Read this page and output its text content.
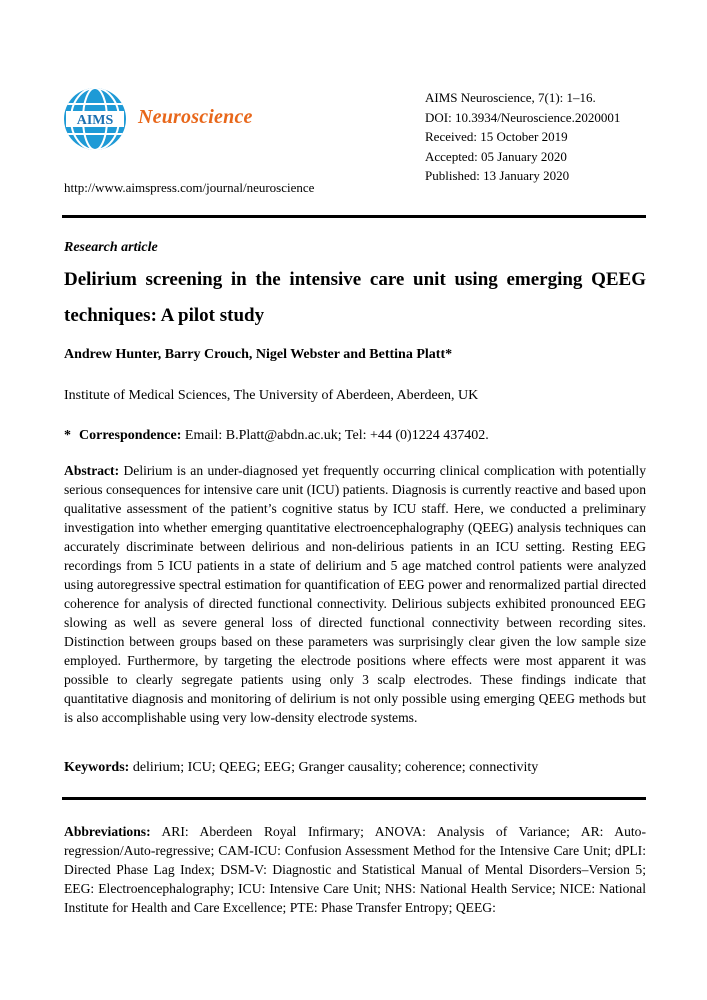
AIMS Neuroscience
AIMS Neuroscience, 7(1): 1–16.
DOI: 10.3934/Neuroscience.2020001
Received: 15 October 2019
Accepted: 05 January 2020
Published: 13 January 2020
http://www.aimspress.com/journal/neuroscience
Research article
Delirium screening in the intensive care unit using emerging QEEG techniques: A pilot study
Andrew Hunter, Barry Crouch, Nigel Webster and Bettina Platt*
Institute of Medical Sciences, The University of Aberdeen, Aberdeen, UK
* Correspondence: Email: B.Platt@abdn.ac.uk; Tel: +44 (0)1224 437402.
Abstract: Delirium is an under-diagnosed yet frequently occurring clinical complication with potentially serious consequences for intensive care unit (ICU) patients. Diagnosis is currently reactive and based upon qualitative assessment of the patient’s cognitive status by ICU staff. Here, we conducted a preliminary investigation into whether emerging quantitative electroencephalography (QEEG) analysis techniques can accurately discriminate between delirious and non-delirious patients in an ICU setting. Resting EEG recordings from 5 ICU patients in a state of delirium and 5 age matched control patients were analyzed using autoregressive spectral estimation for quantification of EEG power and renormalized partial directed coherence for analysis of directed functional connectivity. Delirious subjects exhibited pronounced EEG slowing as well as severe general loss of directed functional connectivity between recording sites. Distinction between groups based on these parameters was surprisingly clear given the low sample size employed. Furthermore, by targeting the electrode positions where effects were most apparent it was possible to clearly segregate patients using only 3 scalp electrodes. These findings indicate that quantitative diagnosis and monitoring of delirium is not only possible using emerging QEEG methods but is also accomplishable using very low-density electrode systems.
Keywords: delirium; ICU; QEEG; EEG; Granger causality; coherence; connectivity
Abbreviations: ARI: Aberdeen Royal Infirmary; ANOVA: Analysis of Variance; AR: Auto-regression/Auto-regressive; CAM-ICU: Confusion Assessment Method for the Intensive Care Unit; dPLI: Directed Phase Lag Index; DSM-V: Diagnostic and Statistical Manual of Mental Disorders–Version 5; EEG: Electroencephalography; ICU: Intensive Care Unit; NHS: National Health Service; NICE: National Institute for Health and Care Excellence; PTE: Phase Transfer Entropy; QEEG:
